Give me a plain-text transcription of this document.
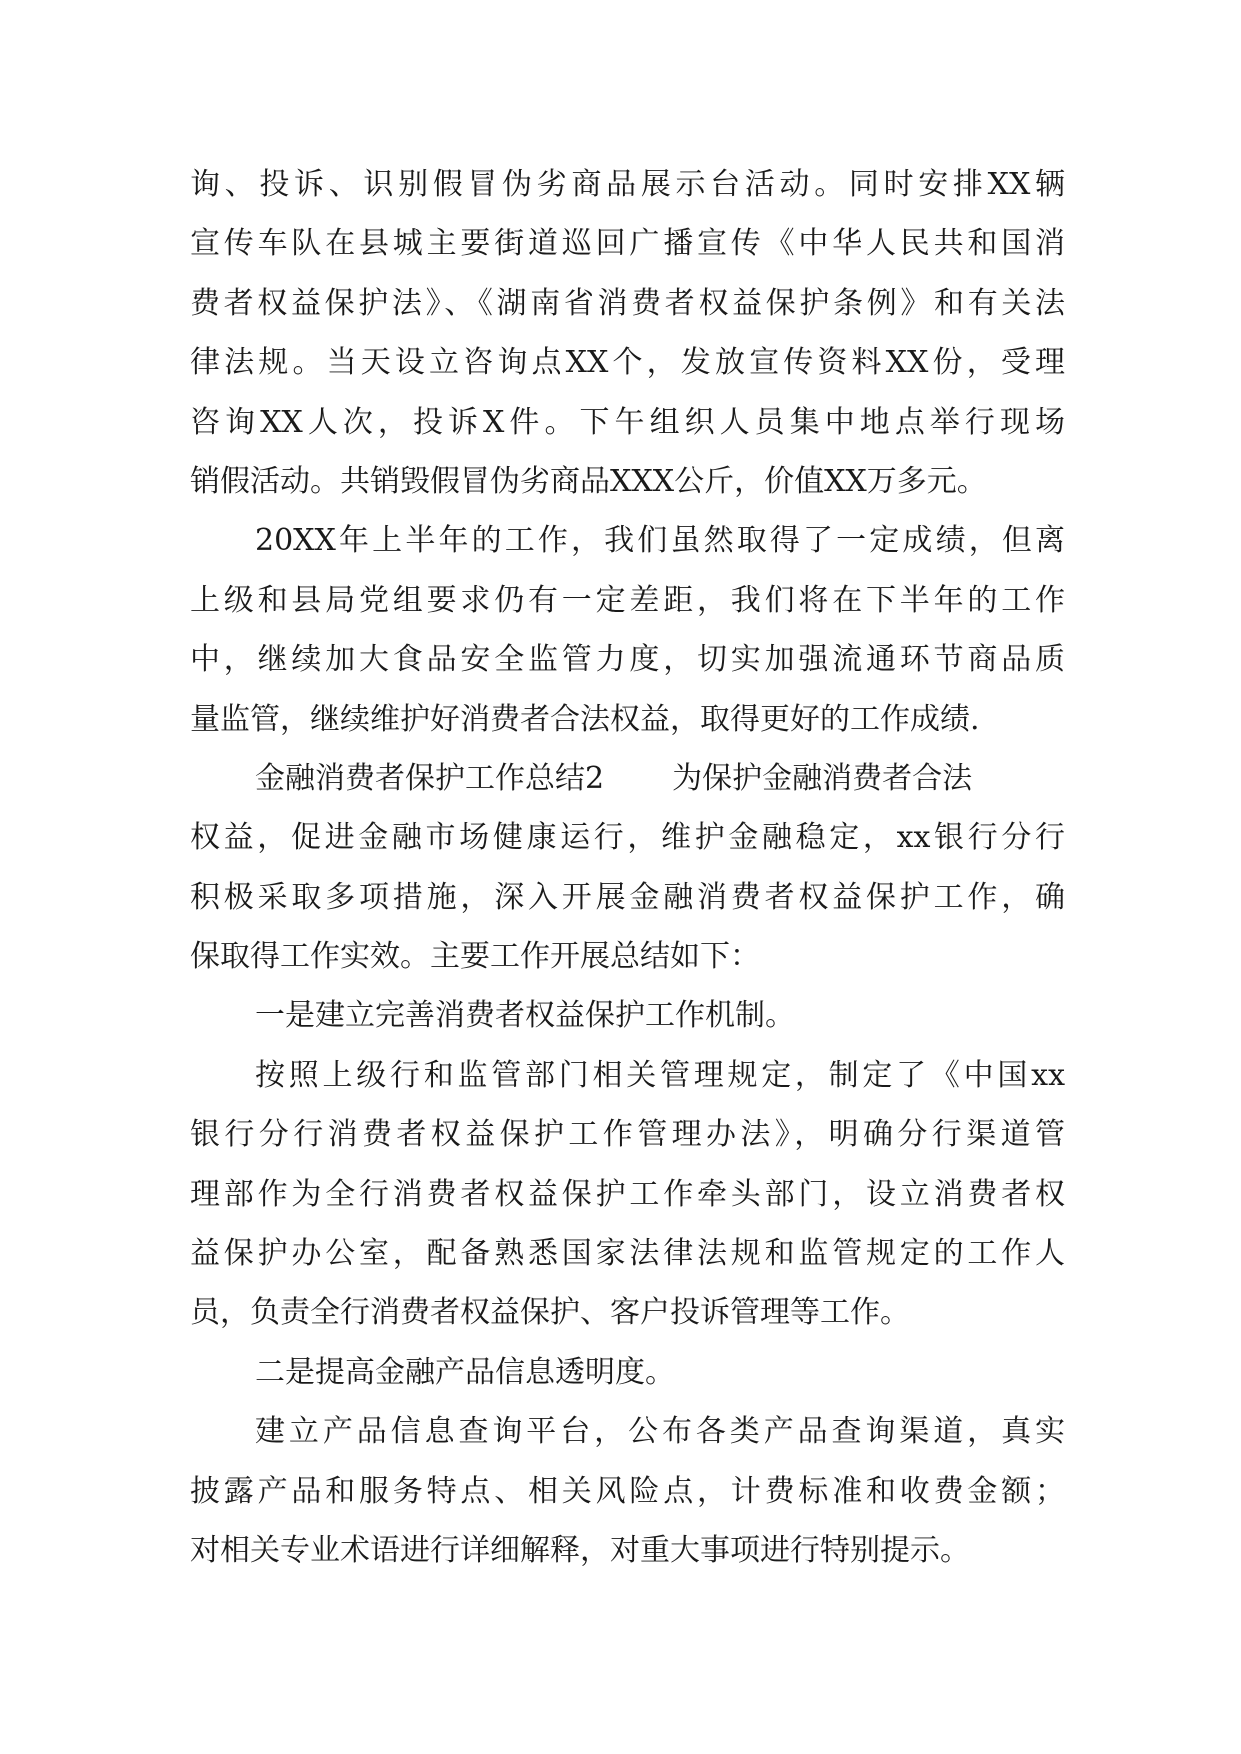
询、投诉、识别假冒伪劣商品展示台活动。同时安排XX辆
宣传车队在县城主要街道巡回广播宣传《中华人民共和国消
费者权益保护法》、《湖南省消费者权益保护条例》和有关法
律法规。当天设立咨询点XX个，发放宣传资料XX份，受理
咨询XX人次，投诉X件。下午组织人员集中地点举行现场
销假活动。共销毁假冒伪劣商品XXX公斤，价值XX万多元。
20XX年上半年的工作，我们虽然取得了一定成绩，但离
上级和县局党组要求仍有一定差距，我们将在下半年的工作
中，继续加大食品安全监管力度，切实加强流通环节商品质
量监管，继续维护好消费者合法权益，取得更好的工作成绩.
金融消费者保护工作总结2 为保护金融消费者合法
权益，促进金融市场健康运行，维护金融稳定，xx银行分行
积极采取多项措施，深入开展金融消费者权益保护工作，确
保取得工作实效。主要工作开展总结如下：
一是建立完善消费者权益保护工作机制。
按照上级行和监管部门相关管理规定，制定了《中国xx
银行分行消费者权益保护工作管理办法》，明确分行渠道管
理部作为全行消费者权益保护工作牵头部门，设立消费者权
益保护办公室，配备熟悉国家法律法规和监管规定的工作人
员，负责全行消费者权益保护、客户投诉管理等工作。
二是提高金融产品信息透明度。
建立产品信息查询平台，公布各类产品查询渠道，真实
披露产品和服务特点、相关风险点，计费标准和收费金额；
对相关专业术语进行详细解释，对重大事项进行特别提示。
